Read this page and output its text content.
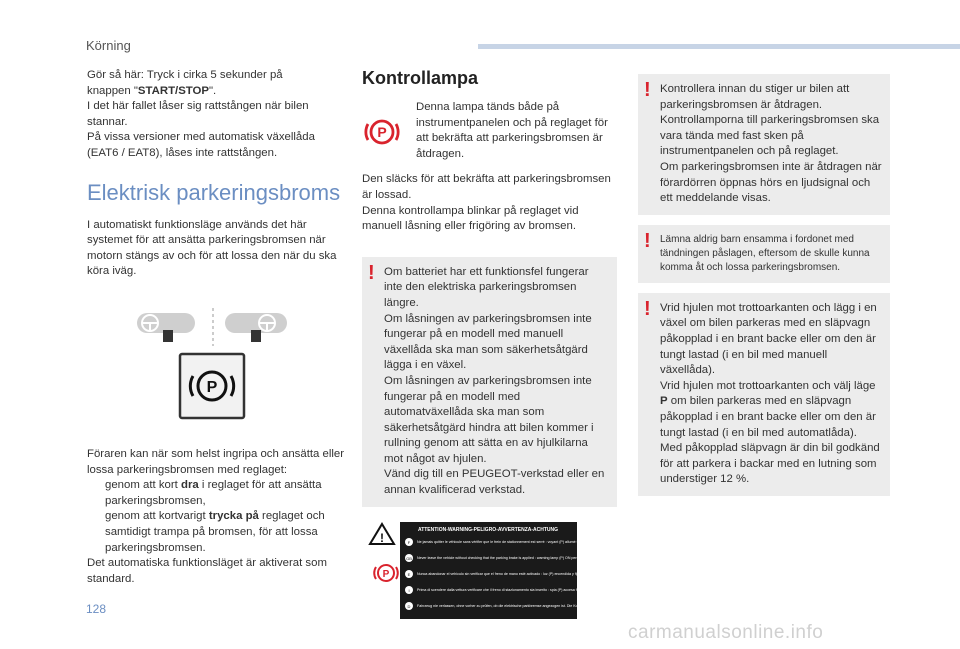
Körning

Gör så här: Tryck i cirka 5 sekunder på
knappen "START/STOP".
I det här fallet låser sig rattstången när bilen stannar.
På vissa versioner med automatisk växellåda (EAT6 / EAT8), låses inte rattstången.

Elektrisk parkeringsbroms

I automatiskt funktionsläge används det här systemet för att ansätta parkeringsbromsen när motorn stängs av och för att lossa den när du ska köra iväg.

P

Föraren kan när som helst ingripa och ansätta eller lossa parkeringsbromsen med reglaget:

genom att kort dra i reglaget för att ansätta parkeringsbromsen,
genom att kortvarigt trycka på reglaget och samtidigt trampa på bromsen, för att lossa parkeringsbromsen.

Det automatiska funktionsläget är aktiverat som standard.

Kontrollampa
P

Denna lampa tänds både på instrumentpanelen och på reglaget för att bekräfta att parkeringsbromsen är åtdragen.

Den släcks för att bekräfta att parkeringsbromsen är lossad.

Denna kontrollampa blinkar på reglaget vid manuell låsning eller frigöring av bromsen.

! Om batteriet har ett funktionsfel fungerar inte den elektriska parkeringsbromsen längre.

Om låsningen av parkeringsbromsen inte fungerar på en modell med manuell växellåda ska man som säkerhetsåtgärd lägga i en växel.

Om låsningen av parkeringsbromsen inte fungerar på en modell med automatväxellåda ska man som säkerhetsåtgärd hindra att bilen kommer i rullning genom att sätta en av hjulkilarna mot något av hjulen.

Vänd dig till en PEUGEOT-verkstad eller en annan kvalificerad verkstad.

!
P
ATTENTION-WARNING-PELIGRO-AVVERTENZA-ACHTUNG
F Ne jamais quitter le véhicule sans vérifier que le frein de stationnement est serré : voyant (P) allumé fixe
GB Never leave the vehicle without checking that the parking brake is applied : warning lamp (P) ON permanently
E Nunca abandonar el vehículo sin verificar que el freno de mano esté activado : luz (P) encendida y fija
I Prima di scendere dalla vettura verificare che il freno di stazionamento sia inserito : spia (P) accesa fissa
D Fahrzeug nie verlassen, ohne vorher zu prüfen, ob die elektrische parkbremse angezogen ist. Die Kontrollleuchte (P) leuchtet dann permanent
! Kontrollera innan du stiger ur bilen att parkeringsbromsen är åtdragen.

Kontrollamporna till parkeringsbromsen ska vara tända med fast sken på instrumentpanelen och på reglaget.

Om parkeringsbromsen inte är åtdragen när förardörren öppnas hörs en ljudsignal och ett meddelande visas.

! Lämna aldrig barn ensamma i fordonet med tändningen påslagen, eftersom de skulle kunna komma åt och lossa parkeringsbromsen.

! Vrid hjulen mot trottoarkanten och lägg i en växel om bilen parkeras med en släpvagn påkopplad i en brant backe eller om den är tungt lastad (i en bil med manuell växellåda).

Vrid hjulen mot trottoarkanten och välj läge P om bilen parkeras med en släpvagn påkopplad i en brant backe eller om den är tungt lastad (i en bil med automatlåda).

Med påkopplad släpvagn är din bil godkänd för att parkera i backar med en lutning som understiger 12 %.

128
carmanualsonline.info
